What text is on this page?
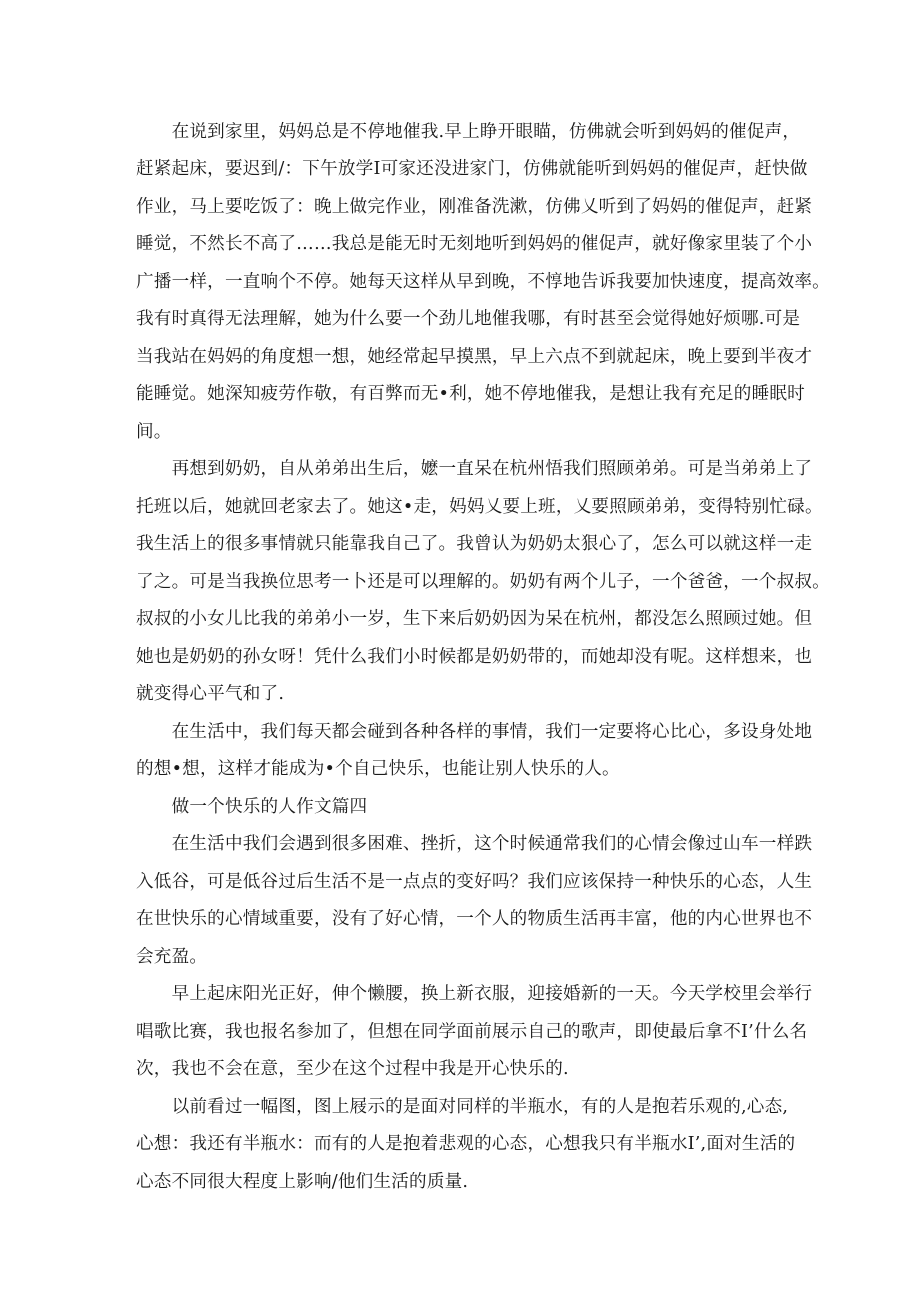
　　在说到家里，妈妈总是不停地催我.早上睁开眼瞄，仿佛就会听到妈妈的催促声，
赶紧起床，要迟到/：下午放学I可家还没进家门，仿佛就能听到妈妈的催促声，赶快做
作业，马上要吃饭了：晚上做完作业，刚准备洗漱，仿佛乂听到了妈妈的催促声，赶紧
睡觉，不然长不高了……我总是能无时无刻地听到妈妈的催促声，就好像家里装了个小
广播一样，一直响个不停。她每天这样从早到晚，不惇地告诉我要加快速度，提高效率。
我有时真得无法理解，她为什么要一个劲儿地催我哪，有时甚至会觉得她好烦哪.可是
当我站在妈妈的角度想一想，她经常起早摸黑，早上六点不到就起床，晚上要到半夜才
能睡觉。她深知疲劳作敬，有百弊而无•利，她不停地催我，是想让我有充足的睡眠时
间。
　　再想到奶奶，自从弟弟出生后，嬷一直呆在杭州悟我们照顾弟弟。可是当弟弟上了
托班以后，她就回老家去了。她这•走，妈妈乂要上班，乂要照顾弟弟，变得特别忙碌。
我生活上的很多事情就只能靠我自己了。我曾认为奶奶太狠心了，怎么可以就这样一走
了之。可是当我换位思考一卜还是可以理解的。奶奶有两个儿子，一个爸爸，一个叔叔。
叔叔的小女儿比我的弟弟小一岁，生下来后奶奶因为呆在杭州，都没怎么照顾过她。但
她也是奶奶的孙女呀！凭什么我们小时候都是奶奶带的，而她却没有呢。这样想来，也
就变得心平气和了.
　　在生活中，我们每天都会碰到各种各样的事情，我们一定要将心比心，多设身处地
的想•想，这样才能成为•个自己快乐，也能让别人快乐的人。
　　做一个快乐的人作文篇四
　　在生活中我们会遇到很多困难、挫折，这个时候通常我们的心情会像过山车一样跌
入低谷，可是低谷过后生活不是一点点的变好吗？我们应该保持一种快乐的心态，人生
在世快乐的心情域重要，没有了好心情，一个人的物质生活再丰富，他的内心世界也不
会充盈。
　　早上起床阳光正好，伸个懒腰，换上新衣服，迎接婚新的一天。今天学校里会举行
唱歌比赛，我也报名参加了，但想在同学面前展示自己的歌声，即使最后拿不I’什么名
次，我也不会在意，至少在这个过程中我是开心快乐的.
　　以前看过一幅图，图上屐示的是面对同样的半瓶水，有的人是抱若乐观的,心态,
心想：我还有半瓶水：而有的人是抱着悲观的心态，心想我只有半瓶水I’,面对生活的
心态不同很大程度上影响/他们生活的质量.
